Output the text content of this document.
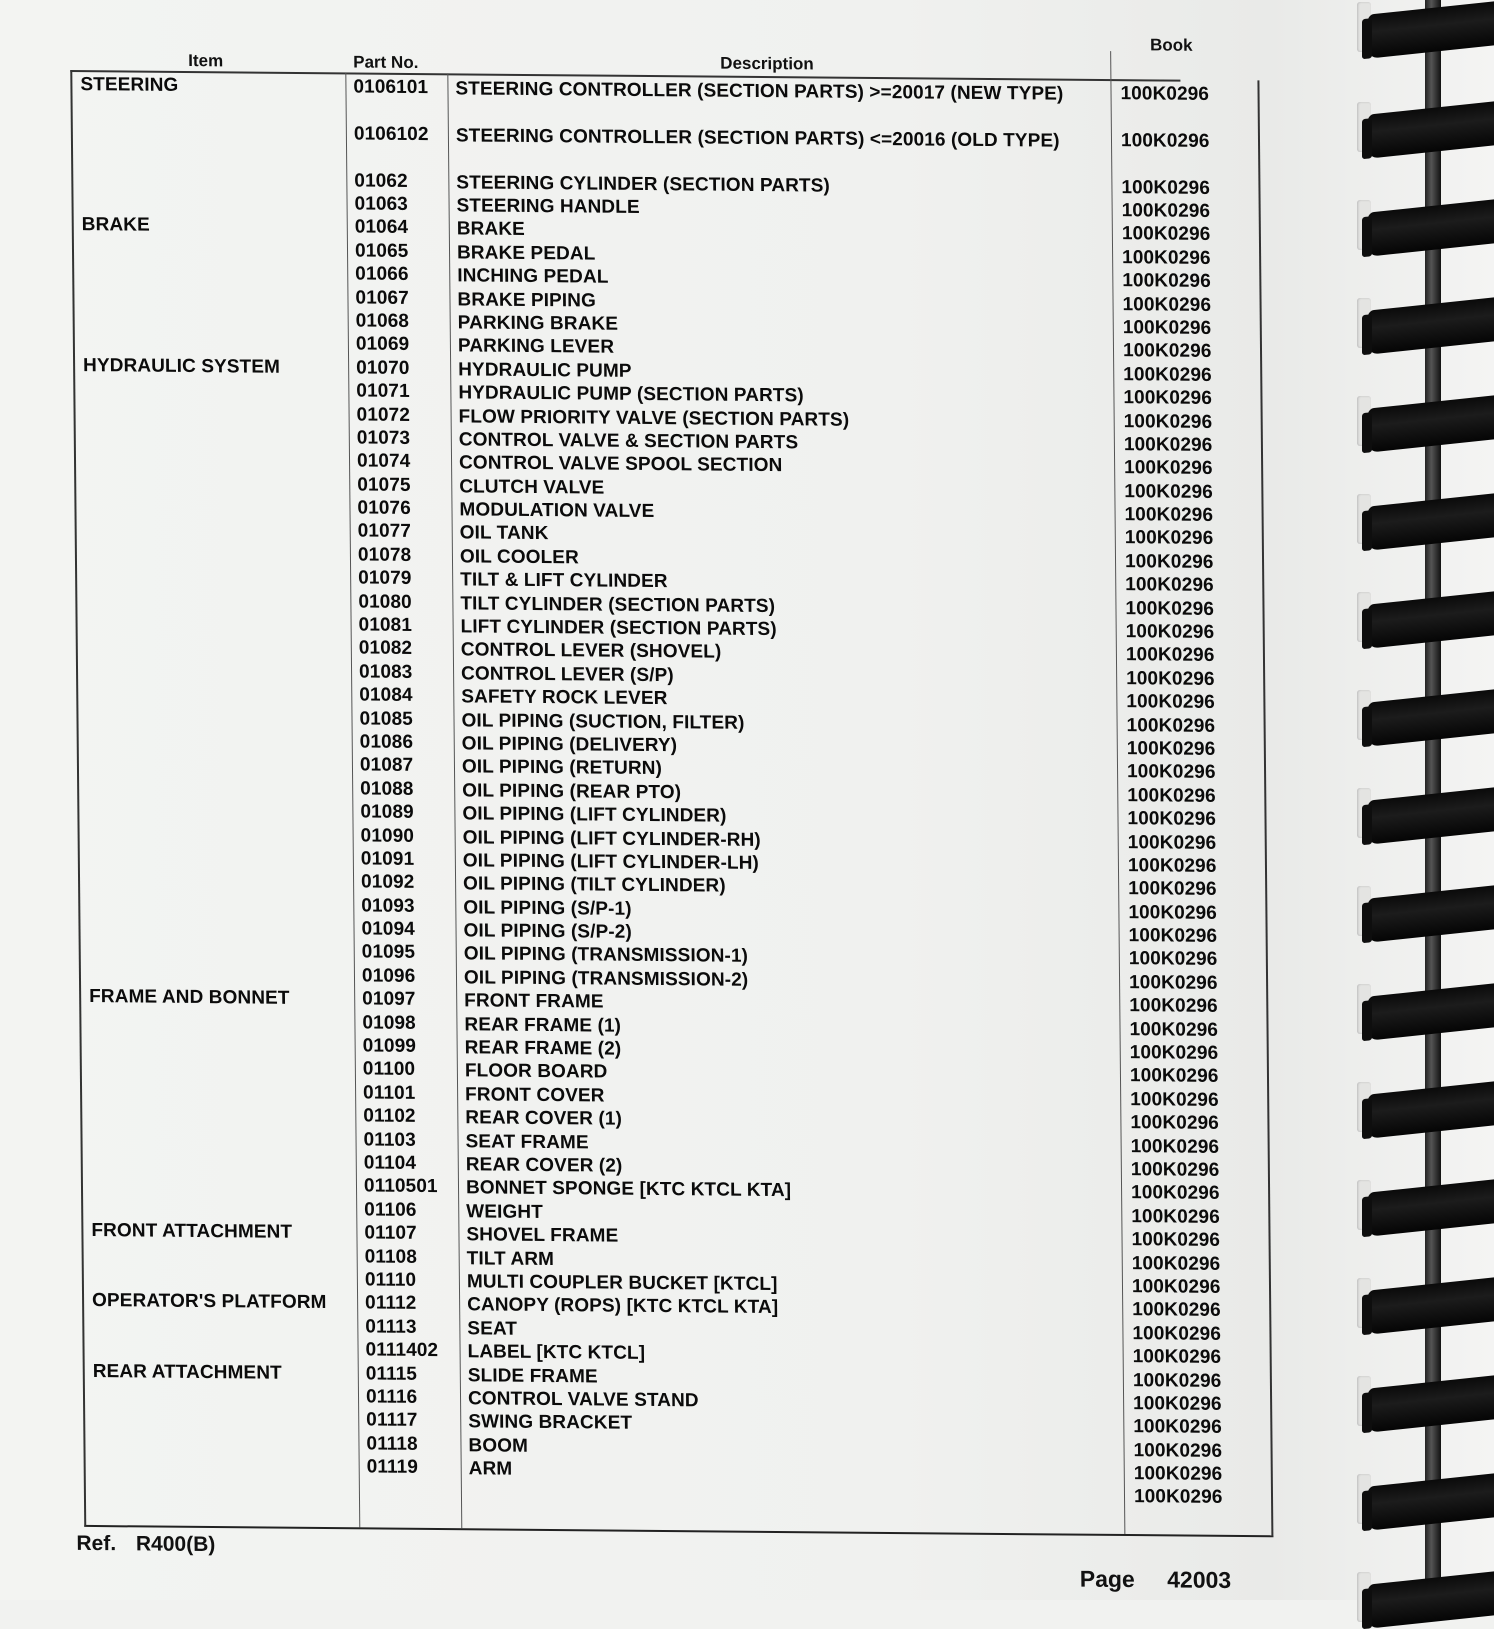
Item	Part No.	Description
Book
STEERING	0106101	STEERING CONTROLLER (SECTION PARTS) >=20017 (NEW TYPE)	100K0296
0106102	STEERING CONTROLLER (SECTION PARTS) <=20016 (OLD TYPE)	100K0296
01062	STEERING CYLINDER (SECTION PARTS)	100K0296
01063	STEERING HANDLE	100K0296
BRAKE	01064	BRAKE	100K0296
01065	BRAKE PEDAL	100K0296
01066	INCHING PEDAL	100K0296
01067	BRAKE PIPING	100K0296
01068	PARKING BRAKE	100K0296
01069	PARKING LEVER	100K0296
HYDRAULIC SYSTEM	01070	HYDRAULIC PUMP	100K0296
01071	HYDRAULIC PUMP (SECTION PARTS)	100K0296
01072	FLOW PRIORITY VALVE (SECTION PARTS)	100K0296
01073	CONTROL VALVE & SECTION PARTS	100K0296
01074	CONTROL VALVE SPOOL SECTION	100K0296
01075	CLUTCH VALVE	100K0296
01076	MODULATION VALVE	100K0296
01077	OIL TANK	100K0296
01078	OIL COOLER	100K0296
01079	TILT & LIFT CYLINDER	100K0296
01080	TILT CYLINDER (SECTION PARTS)	100K0296
01081	LIFT CYLINDER (SECTION PARTS)	100K0296
01082	CONTROL LEVER (SHOVEL)	100K0296
01083	CONTROL LEVER (S/P)	100K0296
01084	SAFETY ROCK LEVER	100K0296
01085	OIL PIPING (SUCTION, FILTER)	100K0296
01086	OIL PIPING (DELIVERY)	100K0296
01087	OIL PIPING (RETURN)	100K0296
01088	OIL PIPING (REAR PTO)	100K0296
01089	OIL PIPING (LIFT CYLINDER)	100K0296
01090	OIL PIPING (LIFT CYLINDER-RH)	100K0296
01091	OIL PIPING (LIFT CYLINDER-LH)	100K0296
01092	OIL PIPING (TILT CYLINDER)	100K0296
01093	OIL PIPING (S/P-1)	100K0296
01094	OIL PIPING (S/P-2)	100K0296
01095	OIL PIPING (TRANSMISSION-1)	100K0296
01096	OIL PIPING (TRANSMISSION-2)	100K0296
FRAME AND BONNET	01097	FRONT FRAME	100K0296
01098	REAR FRAME (1)	100K0296
01099	REAR FRAME (2)	100K0296
01100	FLOOR BOARD	100K0296
01101	FRONT COVER	100K0296
01102	REAR COVER (1)	100K0296
01103	SEAT FRAME	100K0296
01104	REAR COVER (2)	100K0296
0110501	BONNET SPONGE [KTC KTCL KTA]	100K0296
01106	WEIGHT	100K0296
FRONT ATTACHMENT	01107	SHOVEL FRAME	100K0296
01108	TILT ARM	100K0296
01110	MULTI COUPLER BUCKET [KTCL]	100K0296
OPERATOR'S PLATFORM	01112	CANOPY (ROPS) [KTC KTCL KTA]	100K0296
01113	SEAT	100K0296
0111402	LABEL [KTC KTCL]	100K0296
REAR ATTACHMENT	01115	SLIDE FRAME	100K0296
01116	CONTROL VALVE STAND	100K0296
01117	SWING BRACKET	100K0296
01118	BOOM	100K0296
01119	ARM	100K0296
100K0296
Ref. R400(B)
Page 42003
